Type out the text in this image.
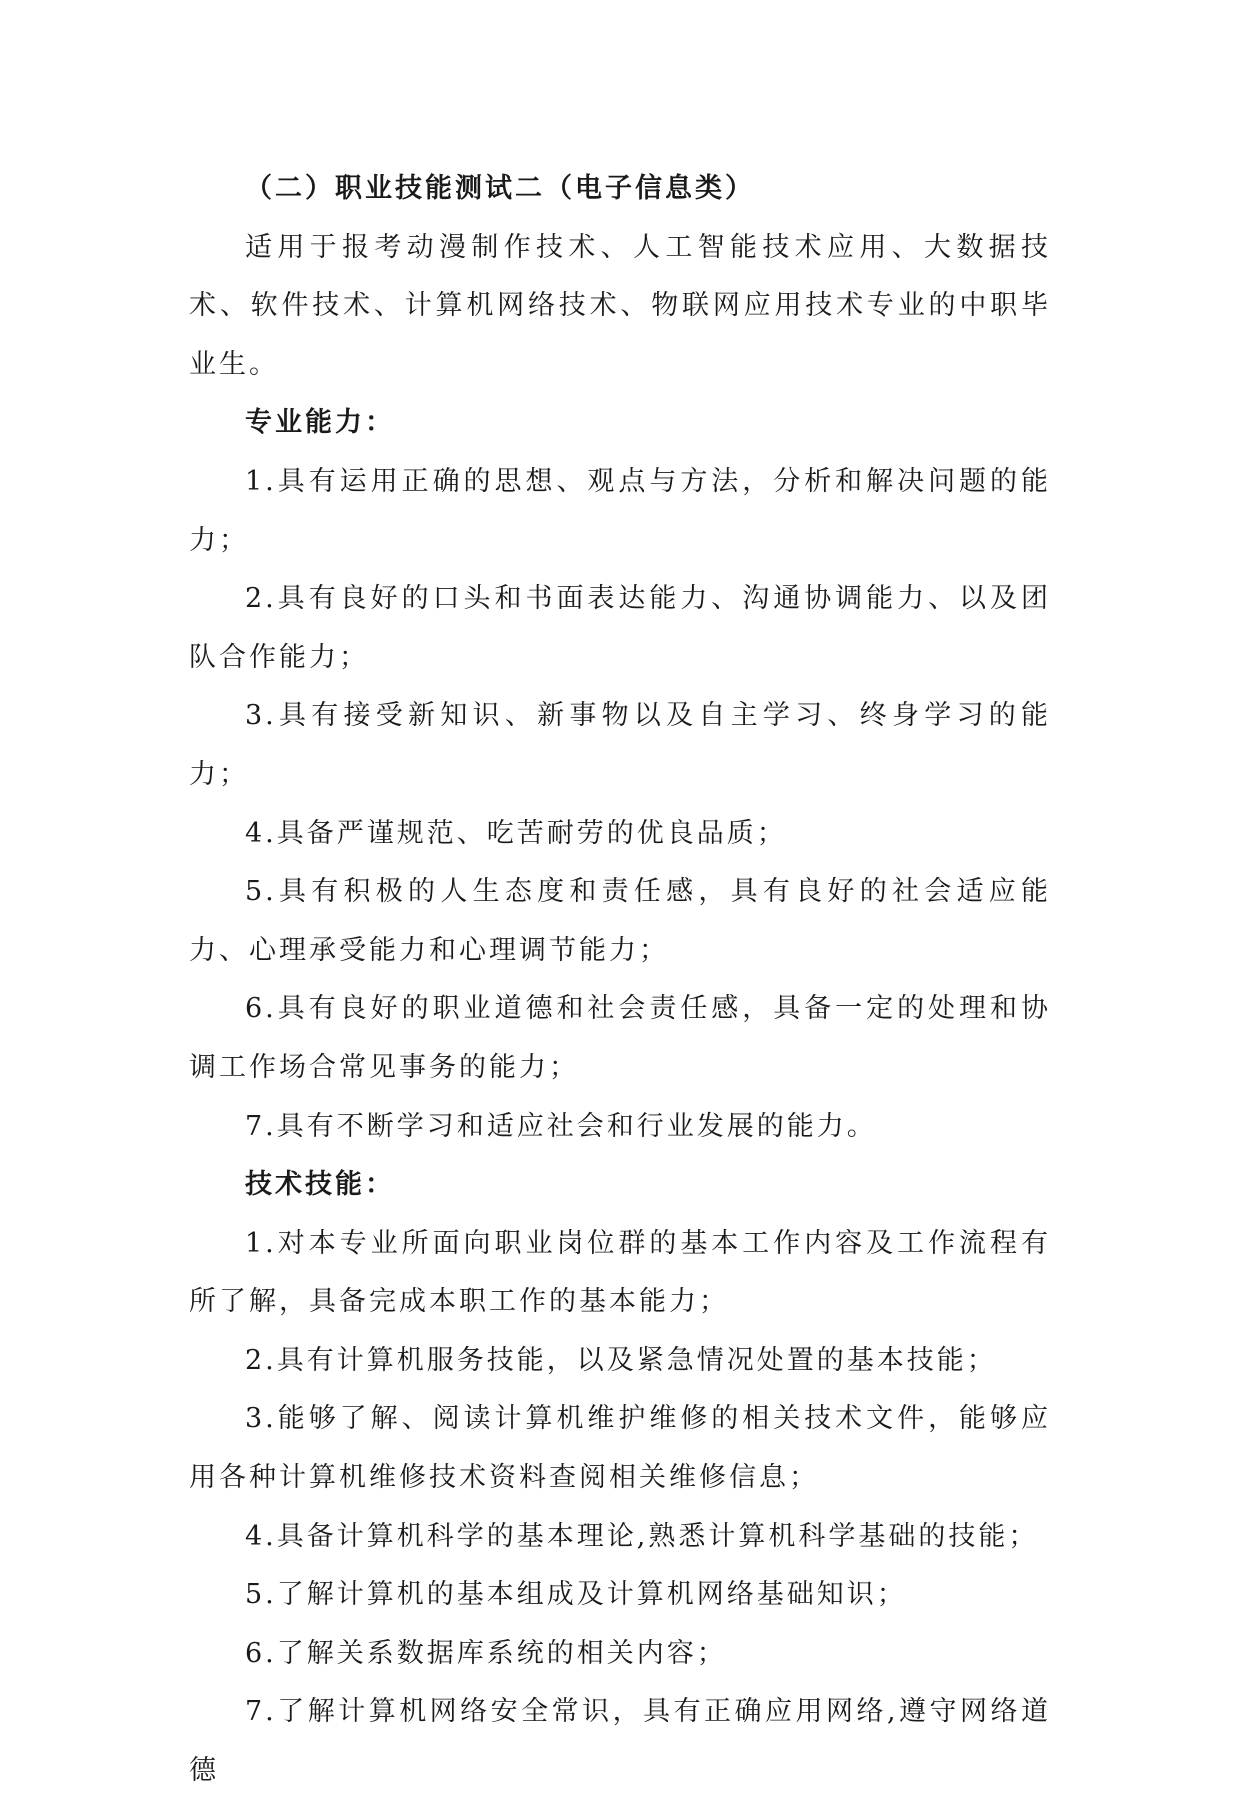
（二）职业技能测试二（电子信息类）

适用于报考动漫制作技术、人工智能技术应用、大数据技术、软件技术、计算机网络技术、物联网应用技术专业的中职毕业生。

专业能力：

1.具有运用正确的思想、观点与方法，分析和解决问题的能力；

2.具有良好的口头和书面表达能力、沟通协调能力、以及团队合作能力；

3.具有接受新知识、新事物以及自主学习、终身学习的能力；

4.具备严谨规范、吃苦耐劳的优良品质；

5.具有积极的人生态度和责任感，具有良好的社会适应能力、心理承受能力和心理调节能力；

6.具有良好的职业道德和社会责任感，具备一定的处理和协调工作场合常见事务的能力；

7.具有不断学习和适应社会和行业发展的能力。

技术技能：

1.对本专业所面向职业岗位群的基本工作内容及工作流程有所了解，具备完成本职工作的基本能力；

2.具有计算机服务技能，以及紧急情况处置的基本技能；

3.能够了解、阅读计算机维护维修的相关技术文件，能够应用各种计算机维修技术资料查阅相关维修信息；

4.具备计算机科学的基本理论,熟悉计算机科学基础的技能；

5.了解计算机的基本组成及计算机网络基础知识；

6.了解关系数据库系统的相关内容；

7.了解计算机网络安全常识，具有正确应用网络,遵守网络道德
